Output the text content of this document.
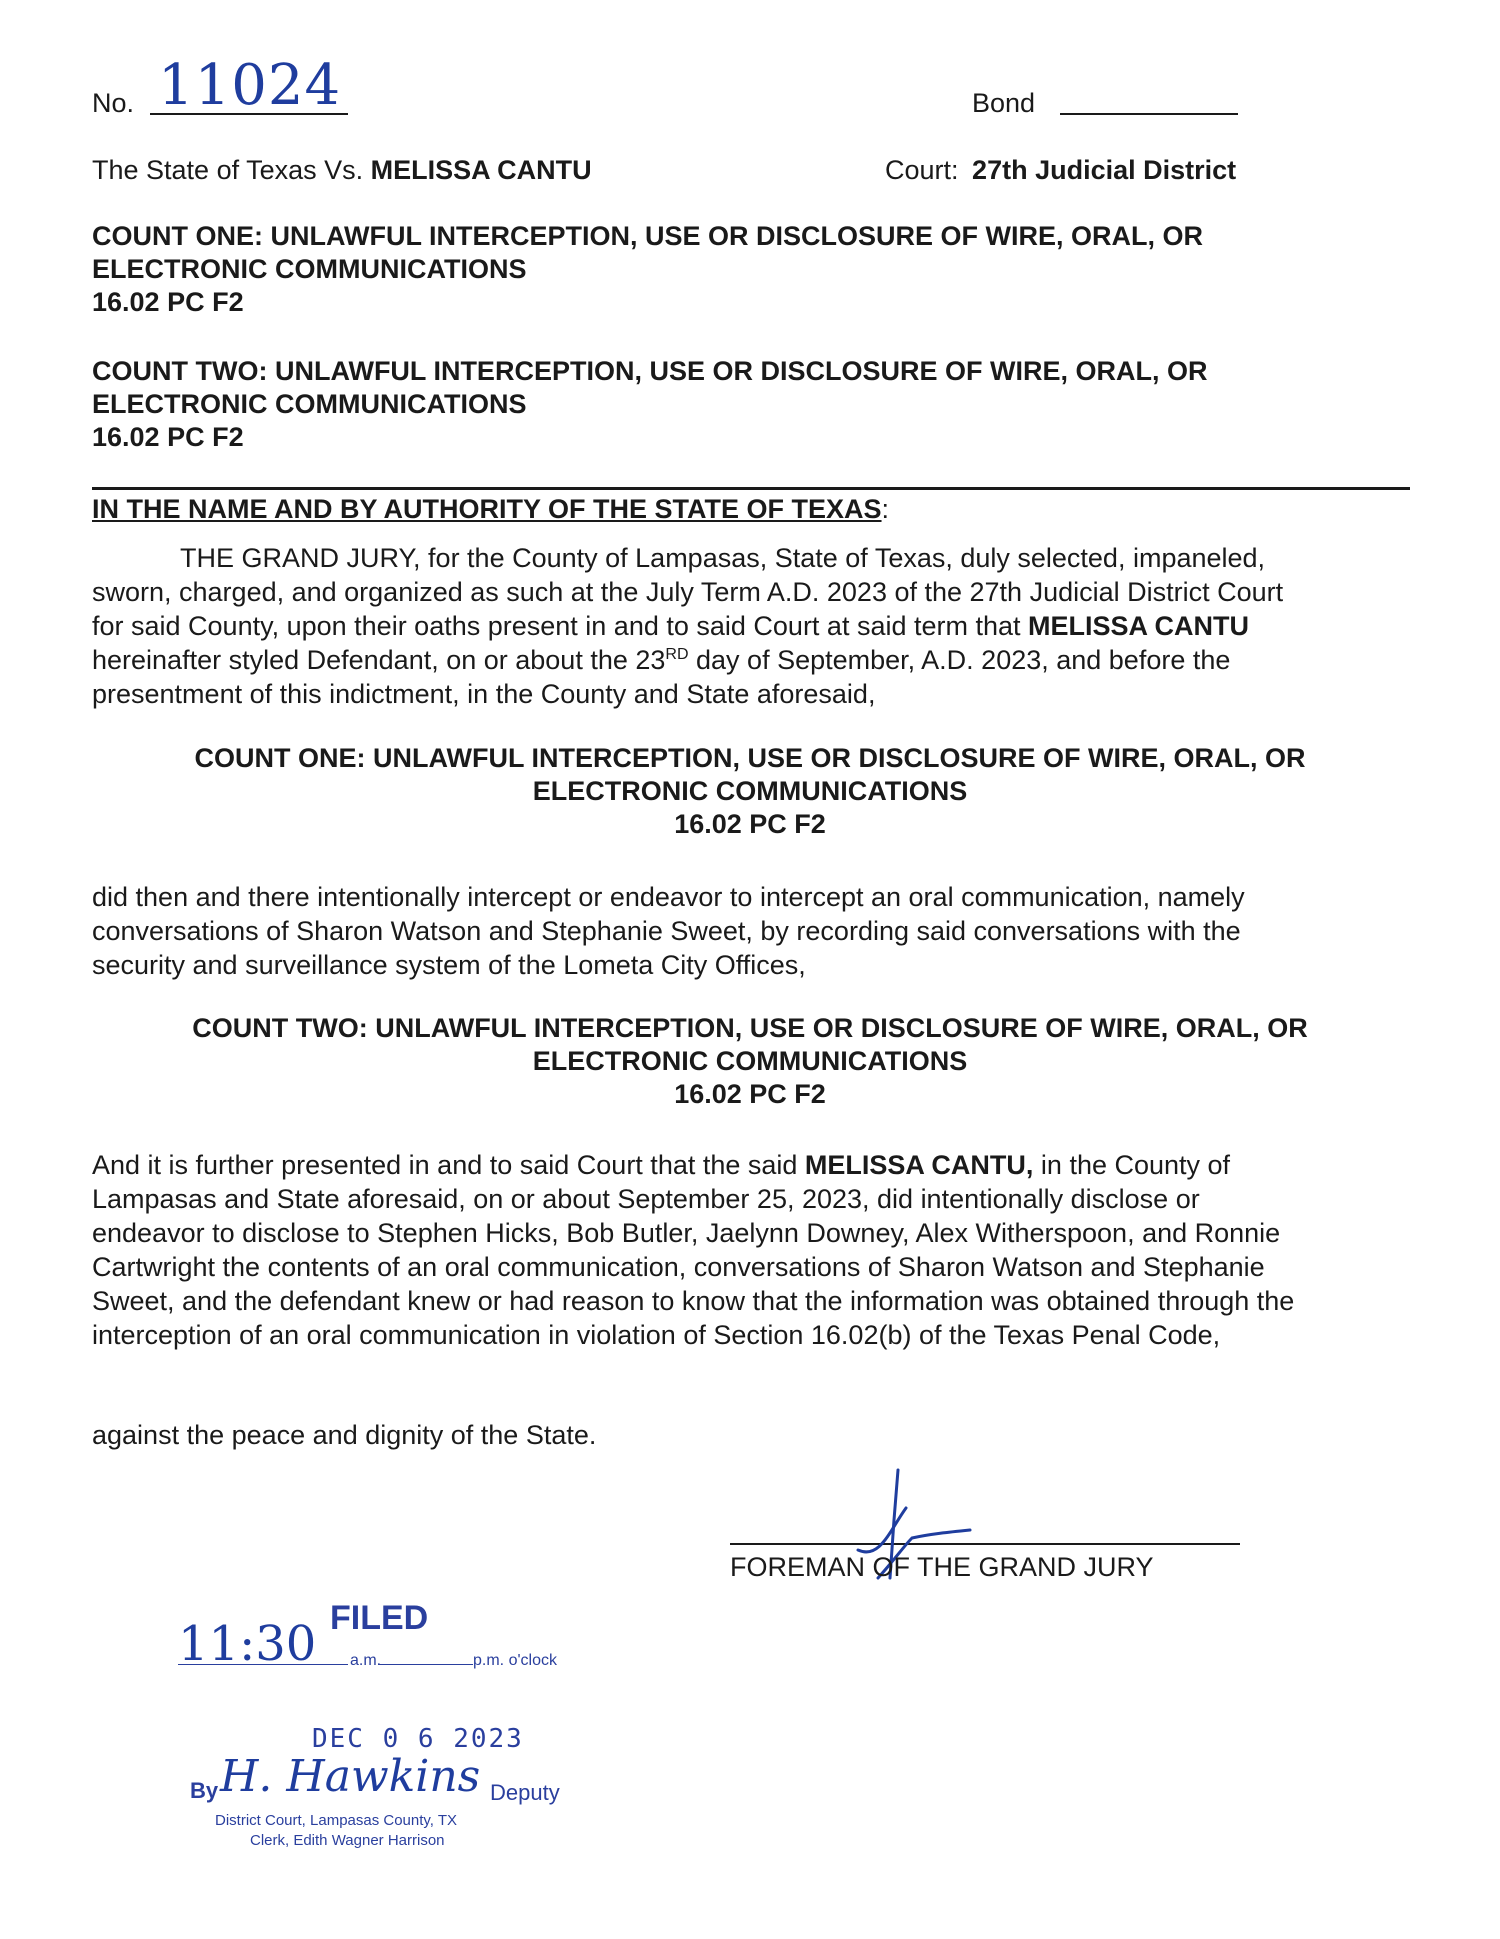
No. 11024	Bond
The State of Texas Vs. MELISSA CANTU	Court: 27th Judicial District
COUNT ONE: UNLAWFUL INTERCEPTION, USE OR DISCLOSURE OF WIRE, ORAL, OR
ELECTRONIC COMMUNICATIONS
16.02 PC F2
COUNT TWO: UNLAWFUL INTERCEPTION, USE OR DISCLOSURE OF WIRE, ORAL, OR
ELECTRONIC COMMUNICATIONS
16.02 PC F2
IN THE NAME AND BY AUTHORITY OF THE STATE OF TEXAS:
THE GRAND JURY, for the County of Lampasas, State of Texas, duly selected, impaneled,
sworn, charged, and organized as such at the July Term A.D. 2023 of the 27th Judicial District Court
for said County, upon their oaths present in and to said Court at said term that MELISSA CANTU
hereinafter styled Defendant, on or about the 23RD day of September, A.D. 2023, and before the
presentment of this indictment, in the County and State aforesaid,
COUNT ONE: UNLAWFUL INTERCEPTION, USE OR DISCLOSURE OF WIRE, ORAL, OR
ELECTRONIC COMMUNICATIONS
16.02 PC F2
did then and there intentionally intercept or endeavor to intercept an oral communication, namely
conversations of Sharon Watson and Stephanie Sweet, by recording said conversations with the
security and surveillance system of the Lometa City Offices,
COUNT TWO: UNLAWFUL INTERCEPTION, USE OR DISCLOSURE OF WIRE, ORAL, OR
ELECTRONIC COMMUNICATIONS
16.02 PC F2
And it is further presented in and to said Court that the said MELISSA CANTU, in the County of
Lampasas and State aforesaid, on or about September 25, 2023, did intentionally disclose or
endeavor to disclose to Stephen Hicks, Bob Butler, Jaelynn Downey, Alex Witherspoon, and Ronnie
Cartwright the contents of an oral communication, conversations of Sharon Watson and Stephanie
Sweet, and the defendant knew or had reason to know that the information was obtained through the
interception of an oral communication in violation of Section 16.02(b) of the Texas Penal Code,
against the peace and dignity of the State.
FOREMAN OF THE GRAND JURY
11:30 FILED
a.m.	p.m. o'clock
DEC 0 6 2023
By H. Hawkins Deputy
District Court, Lampasas County, TX
Clerk, Edith Wagner Harrison
